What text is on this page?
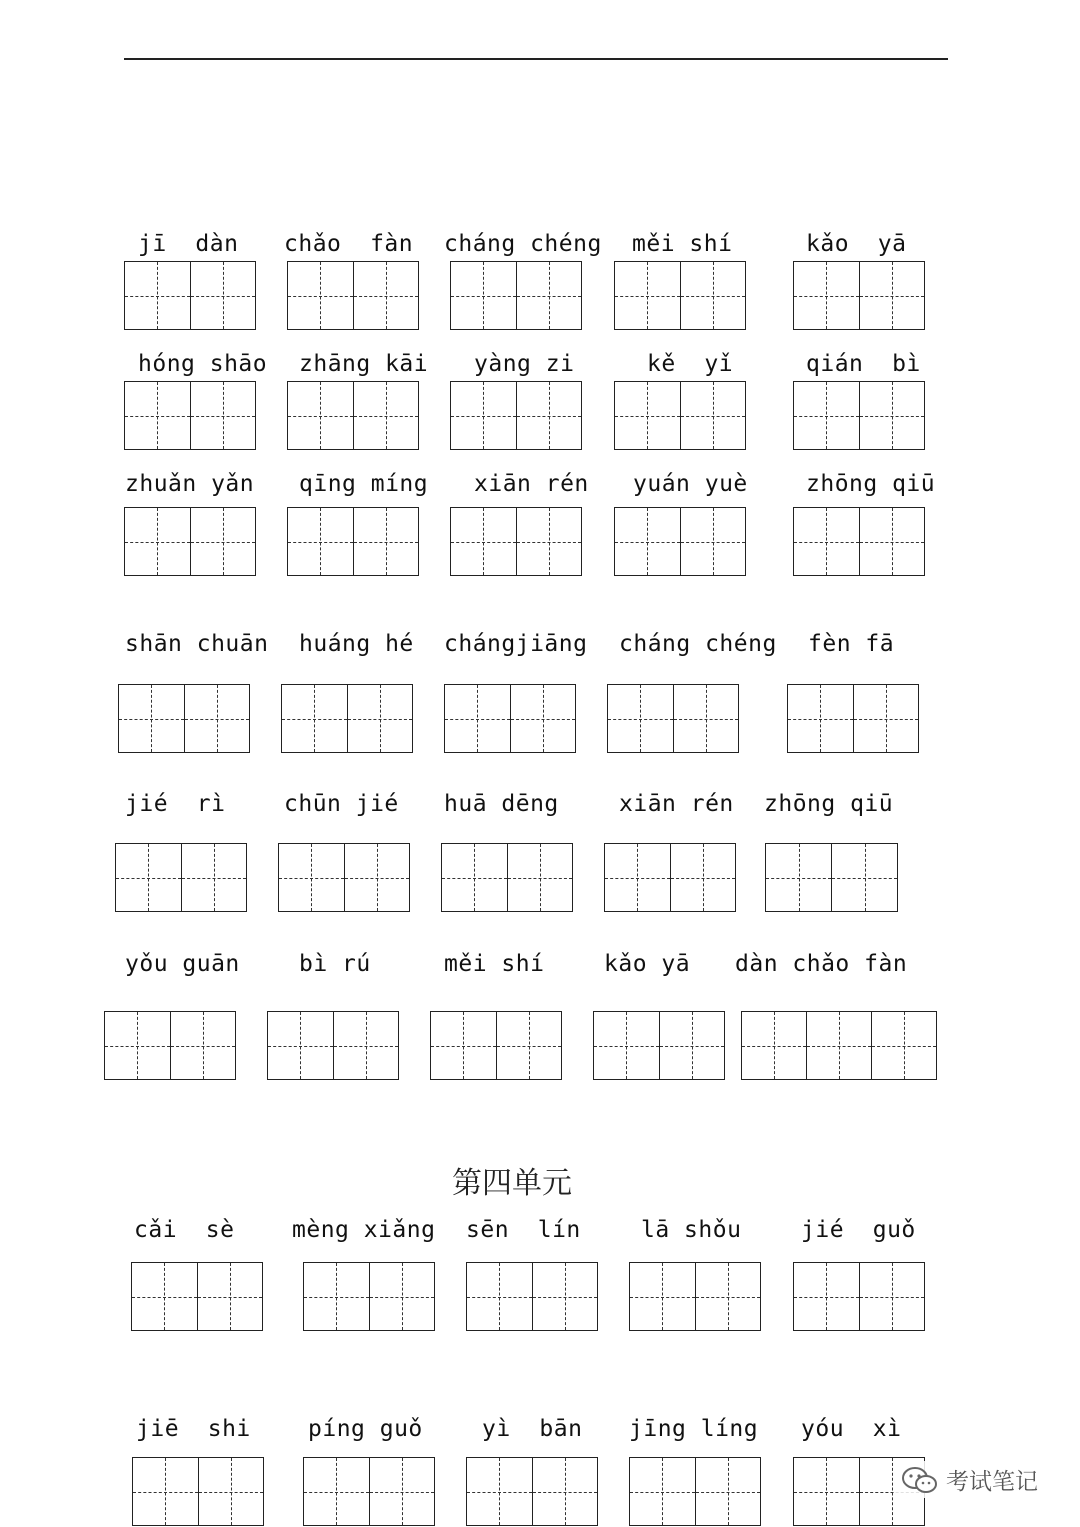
jī  dàn chǎo  fàn cháng chéng měi shí	kǎo  yā
hóng shāo zhāng kāi yàng zi	kě  yǐ	qián  bì
zhuǎn yǎn qīng míng xiān rén yuán yuè	zhōng qiū
shān chuān huáng hé chángjiāng cháng chéng fèn fā
jié  rì	chūn jié huā dēng	xiān rén zhōng qiū
yǒu guān	bì rú	měi shí	kǎo yā dàn chǎo fàn
cǎi  sè	mèng xiǎng sēn  lín	lā shǒu	jié  guǒ
jiē  shi píng guǒ	yì  bān jīng líng yóu  xì
第四单元
考试笔记
